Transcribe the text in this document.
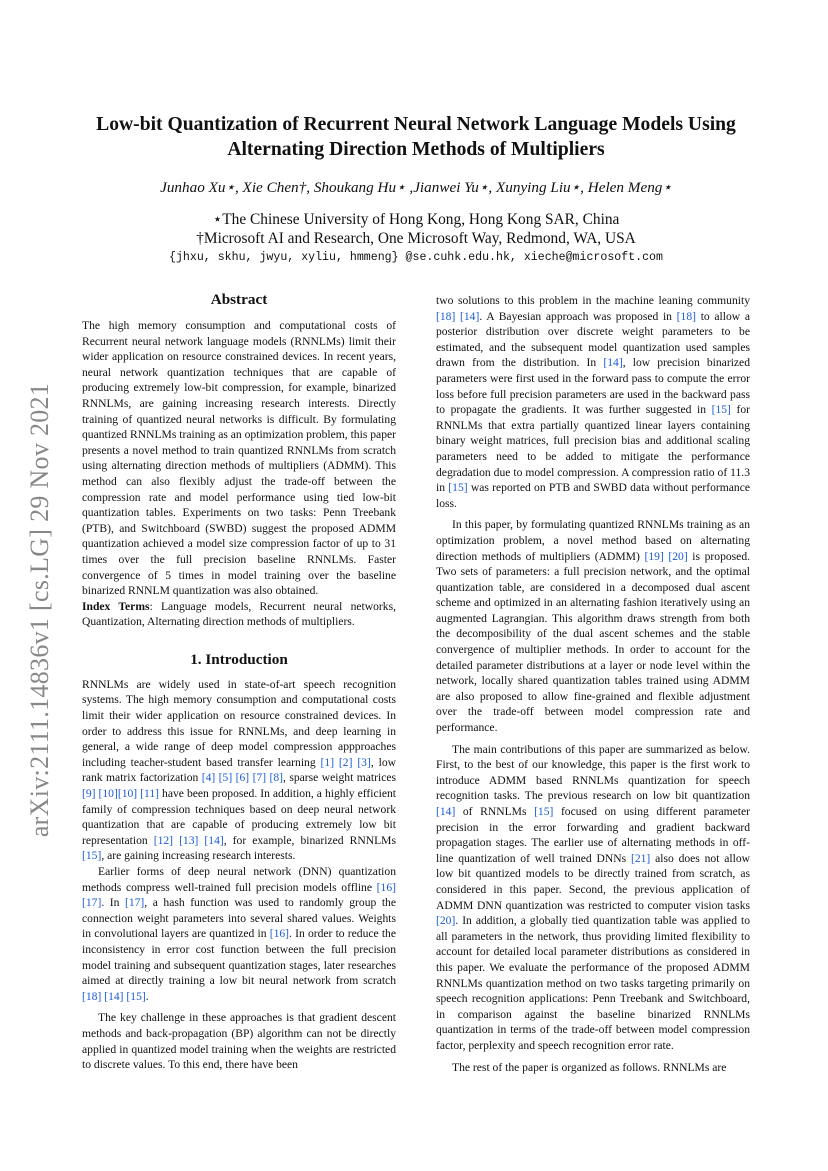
arXiv:2111.14836v1 [cs.LG] 29 Nov 2021
Low-bit Quantization of Recurrent Neural Network Language Models Using
Alternating Direction Methods of Multipliers
Junhao Xu⋆, Xie Chen†, Shoukang Hu⋆ ,Jianwei Yu⋆, Xunying Liu⋆, Helen Meng⋆
⋆The Chinese University of Hong Kong, Hong Kong SAR, China
†Microsoft AI and Research, One Microsoft Way, Redmond, WA, USA
{jhxu, skhu, jwyu, xyliu, hmmeng} @se.cuhk.edu.hk, xieche@microsoft.com
Abstract

The high memory consumption and computational costs of Recurrent neural network language models (RNNLMs) limit their wider application on resource constrained devices. In recent years, neural network quantization techniques that are capable of producing extremely low-bit compression, for example, binarized RNNLMs, are gaining increasing research interests. Directly training of quantized neural networks is difficult. By formulating quantized RNNLMs training as an optimization problem, this paper presents a novel method to train quantized RNNLMs from scratch using alternating direction methods of multipliers (ADMM). This method can also flexibly adjust the trade-off between the compression rate and model performance using tied low-bit quantization tables. Experiments on two tasks: Penn Treebank (PTB), and Switchboard (SWBD) suggest the proposed ADMM quantization achieved a model size compression factor of up to 31 times over the full precision baseline RNNLMs. Faster convergence of 5 times in model training over the baseline binarized RNNLM quantization was also obtained.

Index Terms: Language models, Recurrent neural networks, Quantization, Alternating direction methods of multipliers.

1. Introduction

RNNLMs are widely used in state-of-art speech recognition systems. The high memory consumption and computational costs limit their wider application on resource constrained devices. In order to address this issue for RNNLMs, and deep learning in general, a wide range of deep model compression appproaches including teacher-student based transfer learning [1] [2] [3], low rank matrix factorization [4] [5] [6] [7] [8], sparse weight matrices [9] [10][10] [11] have been proposed. In addition, a highly efficient family of compression techniques based on deep neural network quantization that are capable of producing extremely low bit representation [12] [13] [14], for example, binarized RNNLMs [15], are gaining increasing research interests.

Earlier forms of deep neural network (DNN) quantization methods compress well-trained full precision models offline [16] [17]. In [17], a hash function was used to randomly group the connection weight parameters into several shared values. Weights in convolutional layers are quantized in [16]. In order to reduce the inconsistency in error cost function between the full precision model training and subsequent quantization stages, later researches aimed at directly training a low bit neural network from scratch [18] [14] [15].

The key challenge in these approaches is that gradient descent methods and back-propagation (BP) algorithm can not be directly applied in quantized model training when the weights are restricted to discrete values. To this end, there have been

two solutions to this problem in the machine leaning community [18] [14]. A Bayesian approach was proposed in [18] to allow a posterior distribution over discrete weight parameters to be estimated, and the subsequent model quantization used samples drawn from the distribution. In [14], low precision binarized parameters were first used in the forward pass to compute the error loss before full precision parameters are used in the backward pass to propagate the gradients. It was further suggested in [15] for RNNLMs that extra partially quantized linear layers containing binary weight matrices, full precision bias and additional scaling parameters need to be added to mitigate the performance degradation due to model compression. A compression ratio of 11.3 in [15] was reported on PTB and SWBD data without performance loss.

In this paper, by formulating quantized RNNLMs training as an optimization problem, a novel method based on alternating direction methods of multipliers (ADMM) [19] [20] is proposed. Two sets of parameters: a full precision network, and the optimal quantization table, are considered in a decomposed dual ascent scheme and optimized in an alternating fashion iteratively using an augmented Lagrangian. This algorithm draws strength from both the decomposibility of the dual ascent schemes and the stable convergence of multiplier methods. In order to account for the detailed parameter distributions at a layer or node level within the network, locally shared quantization tables trained using ADMM are also proposed to allow fine-grained and flexible adjustment over the trade-off between model compression rate and performance.

The main contributions of this paper are summarized as below. First, to the best of our knowledge, this paper is the first work to introduce ADMM based RNNLMs quantization for speech recognition tasks. The previous research on low bit quantization [14] of RNNLMs [15] focused on using different parameter precision in the error forwarding and gradient backward propagation stages. The earlier use of alternating methods in off-line quantization of well trained DNNs [21] also does not allow low bit quantized models to be directly trained from scratch, as considered in this paper. Second, the previous application of ADMM DNN quantization was restricted to computer vision tasks [20]. In addition, a globally tied quantization table was applied to all parameters in the network, thus providing limited flexibility to account for detailed local parameter distributions as considered in this paper. We evaluate the performance of the proposed ADMM RNNLMs quantization method on two tasks targeting primarily on speech recognition applications: Penn Treebank and Switchboard, in comparison against the baseline binarized RNNLMs quantization in terms of the trade-off between model compression factor, perplexity and speech recognition error rate.

The rest of the paper is organized as follows. RNNLMs are
